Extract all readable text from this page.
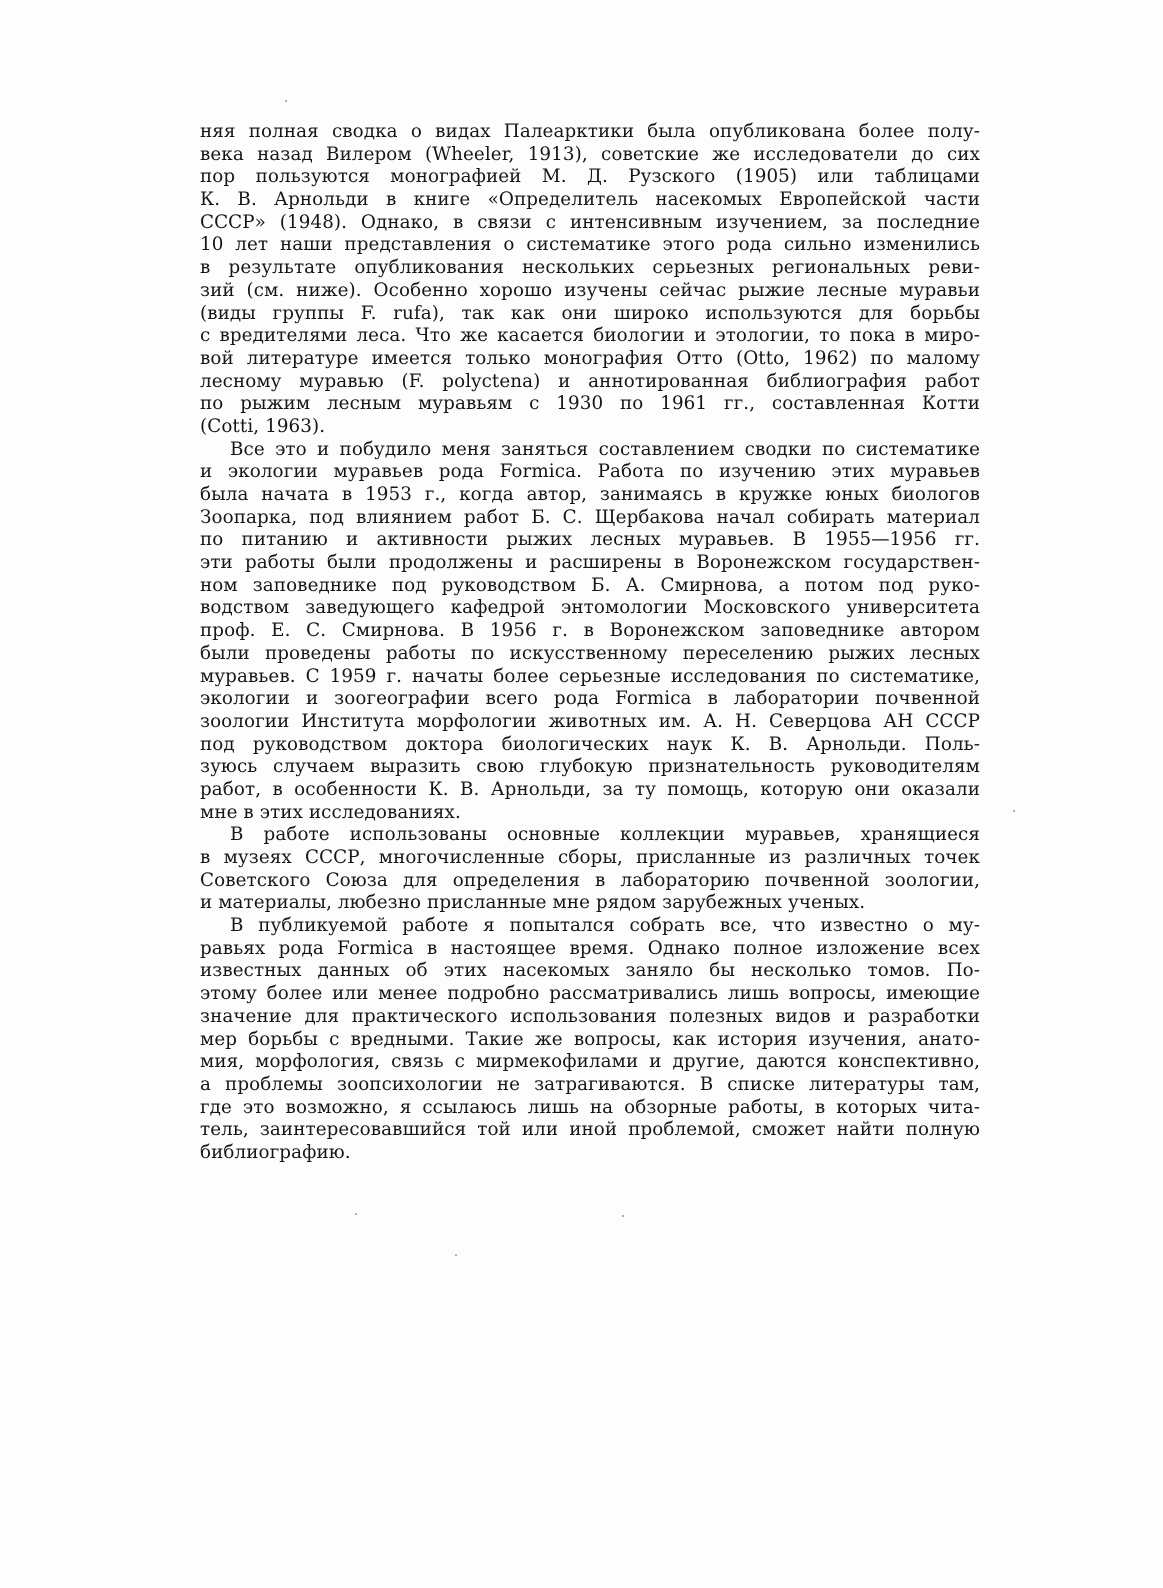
няя полная сводка о видах Палеарктики была опубликована более полу-
века назад Вилером (Wheeler, 1913), советские же исследователи до сих
пор пользуются монографией М. Д. Рузского (1905) или таблицами
К. В. Арнольди в книге «Определитель насекомых Европейской части
СССР» (1948). Однако, в связи с интенсивным изучением, за последние
10 лет наши представления о систематике этого рода сильно изменились
в результате опубликования нескольких серьезных региональных реви-
зий (см. ниже). Особенно хорошо изучены сейчас рыжие лесные муравьи
(виды группы F. rufa), так как они широко используются для борьбы
с вредителями леса. Что же касается биологии и этологии, то пока в миро-
вой литературе имеется только монография Отто (Otto, 1962) по малому
лесному муравью (F. polyctena) и аннотированная библиография работ
по рыжим лесным муравьям с 1930 по 1961 гг., составленная Котти
(Cotti, 1963).
Все это и побудило меня заняться составлением сводки по систематике
и экологии муравьев рода Formica. Работа по изучению этих муравьев
была начата в 1953 г., когда автор, занимаясь в кружке юных биологов
Зоопарка, под влиянием работ Б. С. Щербакова начал собирать материал
по питанию и активности рыжих лесных муравьев. В 1955—1956 гг.
эти работы были продолжены и расширены в Воронежском государствен-
ном заповеднике под руководством Б. А. Смирнова, а потом под руко-
водством заведующего кафедрой энтомологии Московского университета
проф. Е. С. Смирнова. В 1956 г. в Воронежском заповеднике автором
были проведены работы по искусственному переселению рыжих лесных
муравьев. С 1959 г. начаты более серьезные исследования по систематике,
экологии и зоогеографии всего рода Formica в лаборатории почвенной
зоологии Института морфологии животных им. А. Н. Северцова АН СССР
под руководством доктора биологических наук К. В. Арнольди. Поль-
зуюсь случаем выразить свою глубокую признательность руководителям
работ, в особенности К. В. Арнольди, за ту помощь, которую они оказали
мне в этих исследованиях.
В работе использованы основные коллекции муравьев, хранящиеся
в музеях СССР, многочисленные сборы, присланные из различных точек
Советского Союза для определения в лабораторию почвенной зоологии,
и материалы, любезно присланные мне рядом зарубежных ученых.
В публикуемой работе я попытался собрать все, что известно о му-
равьях рода Formica в настоящее время. Однако полное изложение всех
известных данных об этих насекомых заняло бы несколько томов. По-
этому более или менее подробно рассматривались лишь вопросы, имеющие
значение для практического использования полезных видов и разработки
мер борьбы с вредными. Такие же вопросы, как история изучения, анато-
мия, морфология, связь с мирмекофилами и другие, даются конспективно,
а проблемы зоопсихологии не затрагиваются. В списке литературы там,
где это возможно, я ссылаюсь лишь на обзорные работы, в которых чита-
тель, заинтересовавшийся той или иной проблемой, сможет найти полную
библиографию.
